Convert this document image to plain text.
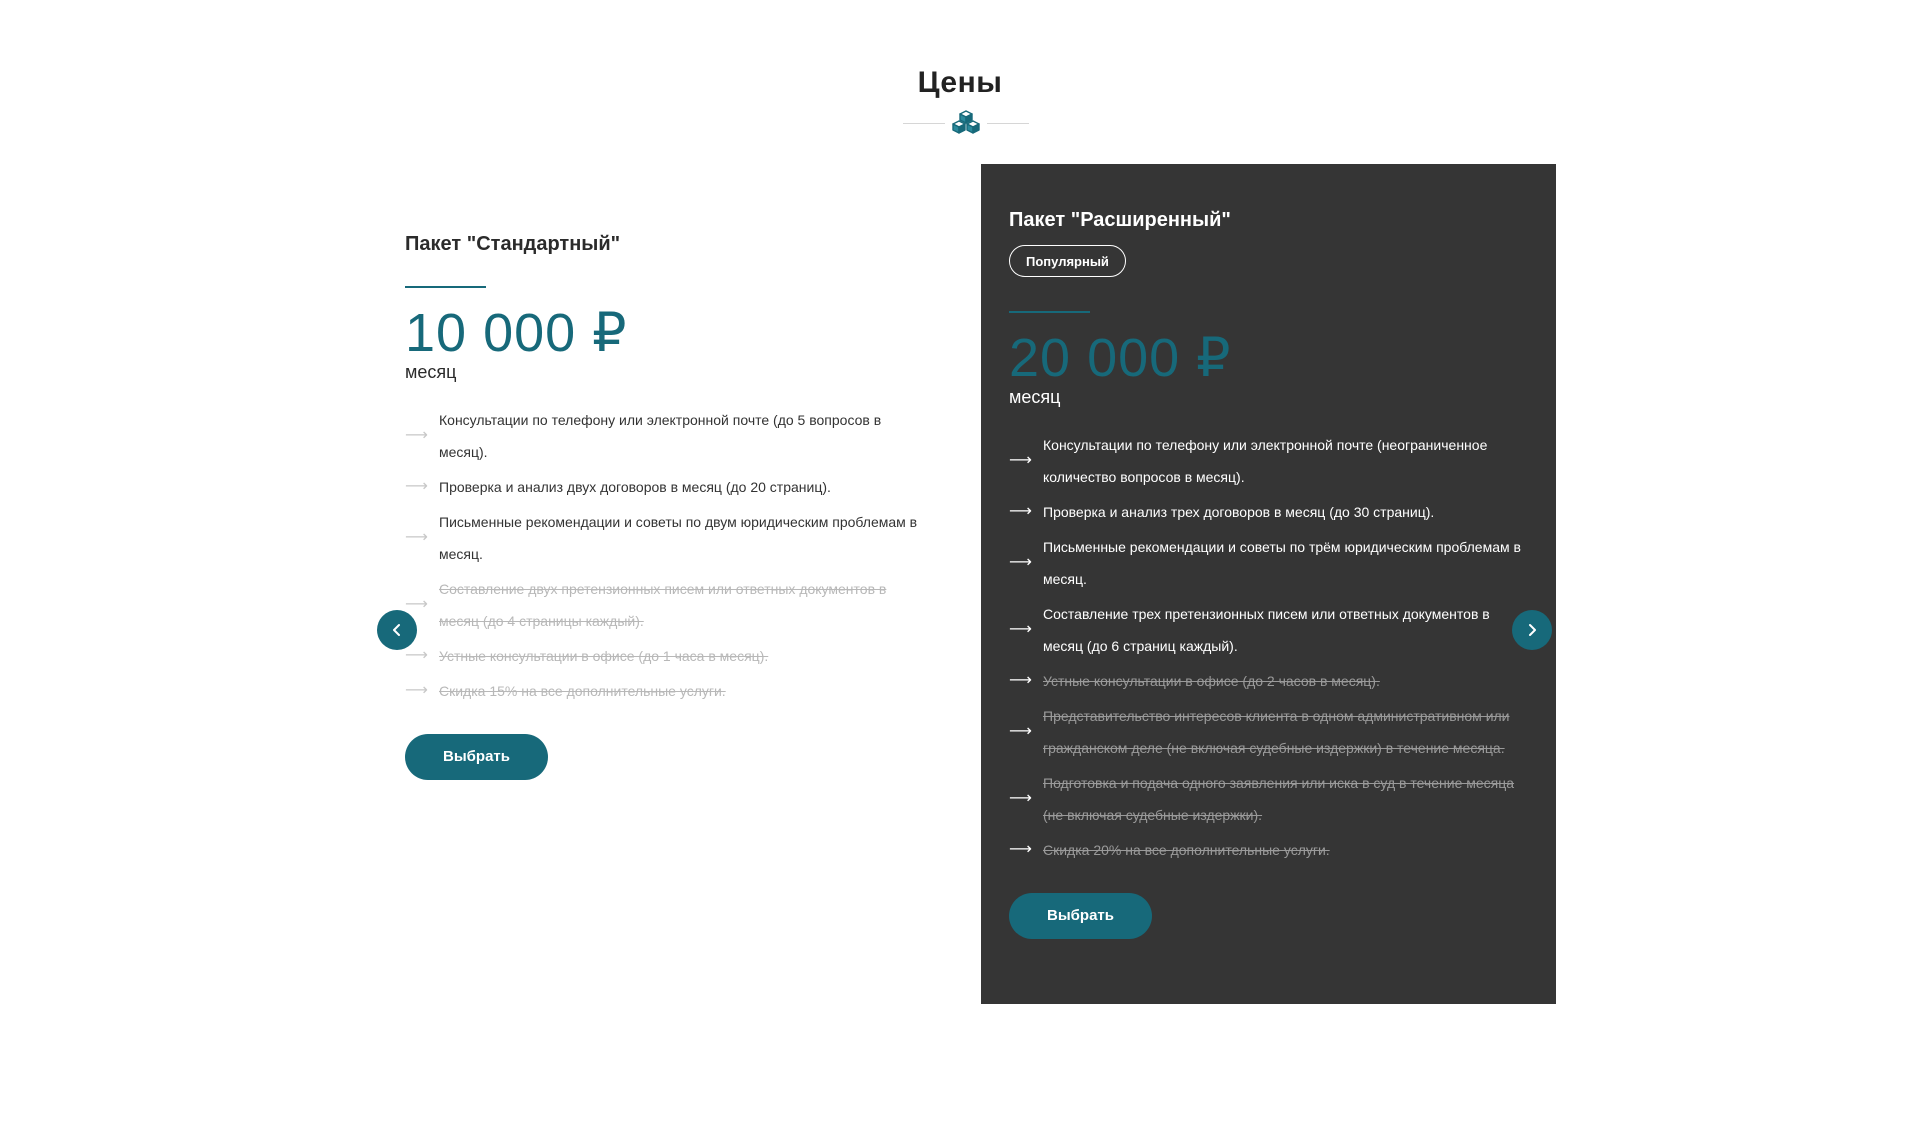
Цены
Пакет "Стандартный"
10 000 ₽
месяц
⟶
Консультации по телефону или электронной почте (до 5 вопросов в месяц).
⟶ Проверка и анализ двух договоров в месяц (до 20 страниц).
⟶
Письменные рекомендации и советы по двум юридическим проблемам в месяц.
⟶
Составление двух претензионных писем или ответных документов в месяц (до 4 страницы каждый).
⟶ Устные консультации в офисе (до 1 часа в месяц).
⟶ Скидка 15% на все дополнительные услуги.
Выбрать
Пакет "Расширенный"
Популярный
20 000 ₽
месяц
⟶
Консультации по телефону или электронной почте (неограниченное количество вопросов в месяц).
⟶ Проверка и анализ трех договоров в месяц (до 30 страниц).
⟶
Письменные рекомендации и советы по трём юридическим проблемам в месяц.
⟶
Составление трех претензионных писем или ответных документов в месяц (до 6 страниц каждый).
⟶ Устные консультации в офисе (до 2 часов в месяц).
⟶
Представительство интересов клиента в одном административном или гражданском деле (не включая судебные издержки) в течение месяца.
⟶
Подготовка и подача одного заявления или иска в суд в течение месяца (не включая судебные издержки).
⟶ Скидка 20% на все дополнительные услуги.
Выбрать
